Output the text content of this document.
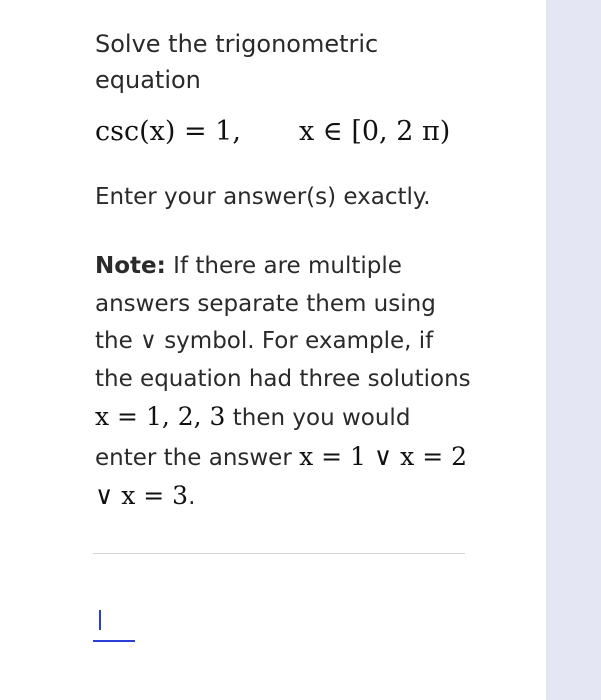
Solve the trigonometric
equation

csc(x) = 1, x ∈ [0, 2 π)
Enter your answer(s) exactly.
Note: If there are multiple answers separate them using the ∨ symbol. For example, if the equation had three solutions x = 1, 2, 3 then you would enter the answer x = 1 ∨ x = 2 ∨ x = 3.
